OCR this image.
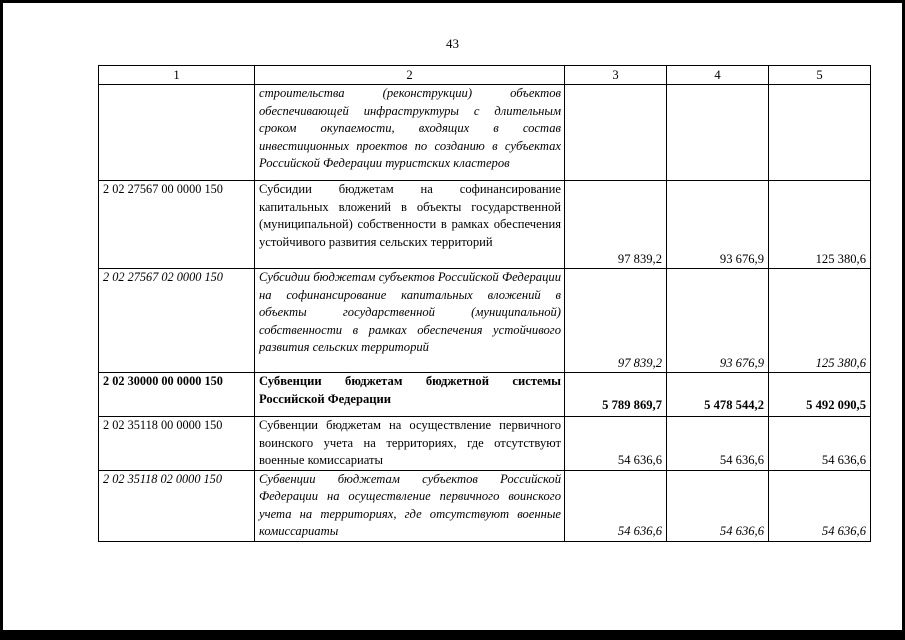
43
1	2	3	4	5
	строительства (реконструкции) объектов обеспечивающей инфраструктуры с длительным сроком окупаемости, входящих в состав инвестиционных проектов по созданию в субъектах Российской Федерации туристских кластеров			
2 02 27567 00 0000 150	Субсидии бюджетам на софинансирование капитальных вложений в объекты государственной (муниципальной) собственности в рамках обеспечения устойчивого развития сельских территорий	97 839,2	93 676,9	125 380,6
2 02 27567 02 0000 150	Субсидии бюджетам субъектов Российской Федерации на софинансирование капитальных вложений в объекты государственной (муниципальной) собственности в рамках обеспечения устойчивого развития сельских территорий	97 839,2	93 676,9	125 380,6
2 02 30000 00 0000 150	Субвенции бюджетам бюджетной системы Российской Федерации	5 789 869,7	5 478 544,2	5 492 090,5
2 02 35118 00 0000 150	Субвенции бюджетам на осуществление первичного воинского учета на территориях, где отсутствуют военные комиссариаты	54 636,6	54 636,6	54 636,6
2 02 35118 02 0000 150	Субвенции бюджетам субъектов Российской Федерации на осуществление первичного воинского учета на территориях, где отсутствуют военные комиссариаты	54 636,6	54 636,6	54 636,6
